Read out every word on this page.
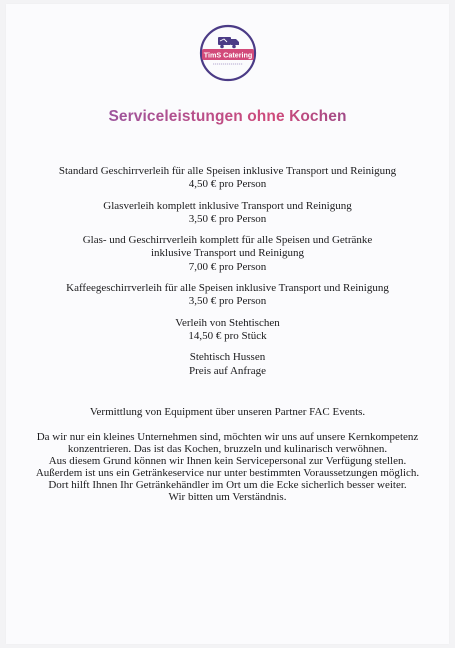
TimS Catering
Serviceleistungen ohne Kochen
Standard Geschirrverleih für alle Speisen inklusive Transport und Reinigung
4,50 € pro Person
Glasverleih komplett inklusive Transport und Reinigung
3,50 € pro Person
Glas- und Geschirrverleih komplett für alle Speisen und Getränke
inklusive Transport und Reinigung
7,00 € pro Person
Kaffeegeschirrverleih für alle Speisen inklusive Transport und Reinigung
3,50 € pro Person
Verleih von Stehtischen
14,50 € pro Stück
Stehtisch Hussen
Preis auf Anfrage
Vermittlung von Equipment über unseren Partner FAC Events.
Da wir nur ein kleines Unternehmen sind, möchten wir uns auf unsere Kernkompetenz
konzentrieren. Das ist das Kochen, bruzzeln und kulinarisch verwöhnen.
Aus diesem Grund können wir Ihnen kein Servicepersonal zur Verfügung stellen.
Außerdem ist uns ein Getränkeservice nur unter bestimmten Voraussetzungen möglich.
Dort hilft Ihnen Ihr Getränkehändler im Ort um die Ecke sicherlich besser weiter.
Wir bitten um Verständnis.
